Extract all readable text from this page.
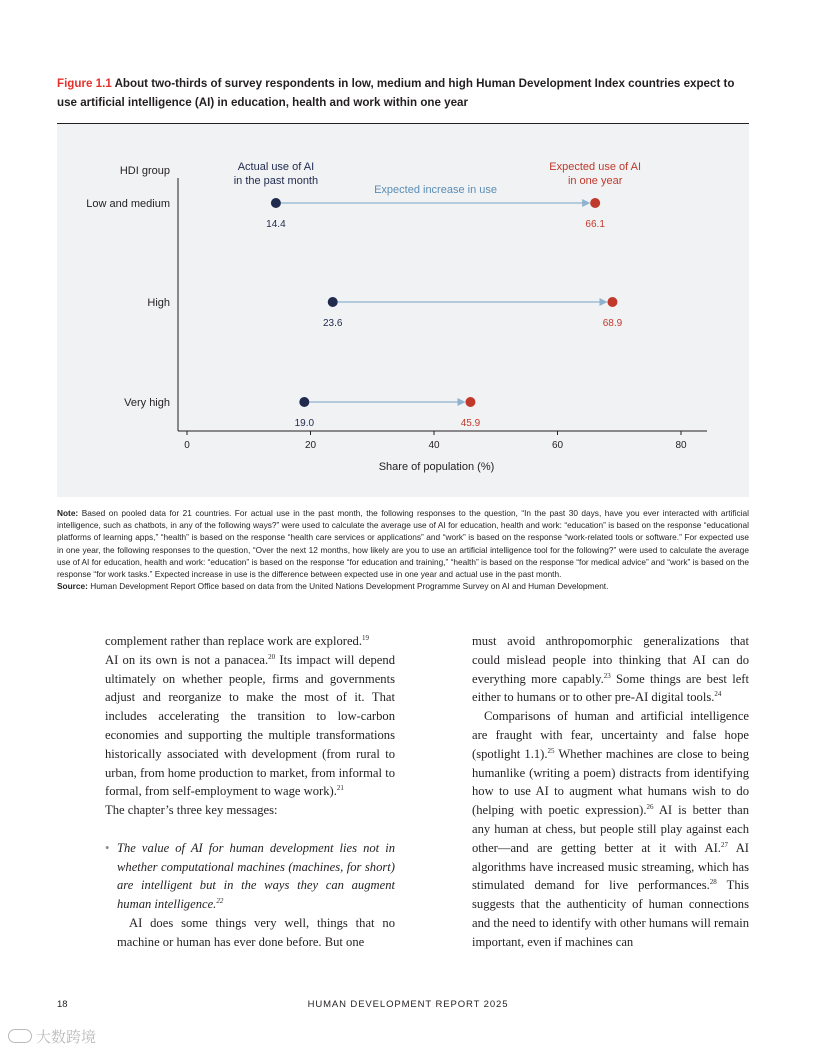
Figure 1.1 About two-thirds of survey respondents in low, medium and high Human Development Index countries expect to use artificial intelligence (AI) in education, health and work within one year
0	20	40	60	80
Share of population (%)
HDI group
Low and medium
High
Very high
Actual use of AI
in the past month
Expected use of AI
in one year
Expected increase in use
14.4	66.1
23.6	68.9
19.0	45.9
Note: Based on pooled data for 21 countries. For actual use in the past month, the following responses to the question, “In the past 30 days, have you ever interacted with artificial intelligence, such as chatbots, in any of the following ways?” were used to calculate the average use of AI for education, health and work: “education” is based on the response “educational platforms of learning apps,” “health” is based on the response “health care services or applications” and “work” is based on the response “work-related tools or software.” For expected use in one year, the following responses to the question, “Over the next 12 months, how likely are you to use an artificial intelligence tool for the following?” were used to calculate the average use of AI for education, health and work: “education” is based on the response “for education and training,” “health” is based on the response “for medical advice” and “work” is based on the response “for work tasks.” Expected increase in use is the difference between expected use in one year and actual use in the past month.
Source: Human Development Report Office based on data from the United Nations Development Programme Survey on AI and Human Development.

complement rather than replace work are explored.$^{19}$

AI on its own is not a panacea.$^{20}$ Its impact will depend ultimately on whether people, firms and governments adjust and reorganize to make the most of it. That includes accelerating the transition to low-carbon economies and supporting the multiple transformations historically associated with development (from rural to urban, from home production to market, from informal to formal, from self-employment to wage work).$^{21}$

The chapter’s three key messages:

• The value of AI for human development lies not in whether computational machines (machines, for short) are intelligent but in the ways they can augment human intelligence.$^{22}$

AI does some things very well, things that no machine or human has ever done before. But one

must avoid anthropomorphic generalizations that could mislead people into thinking that AI can do everything more capably.$^{23}$ Some things are best left either to humans or to other pre-AI digital tools.$^{24}$

Comparisons of human and artificial intelligence are fraught with fear, uncertainty and false hope (spotlight 1.1).$^{25}$ Whether machines are close to being humanlike (writing a poem) distracts from identifying how to use AI to augment what humans wish to do (helping with poetic expression).$^{26}$ AI is better than any human at chess, but people still play against each other—and are getting better at it with AI.$^{27}$ AI algorithms have increased music streaming, which has stimulated demand for live performances.$^{28}$ This suggests that the authenticity of human connections and the need to identify with other humans will remain important, even if machines can

18	HUMAN DEVELOPMENT REPORT 2025
大数跨境
